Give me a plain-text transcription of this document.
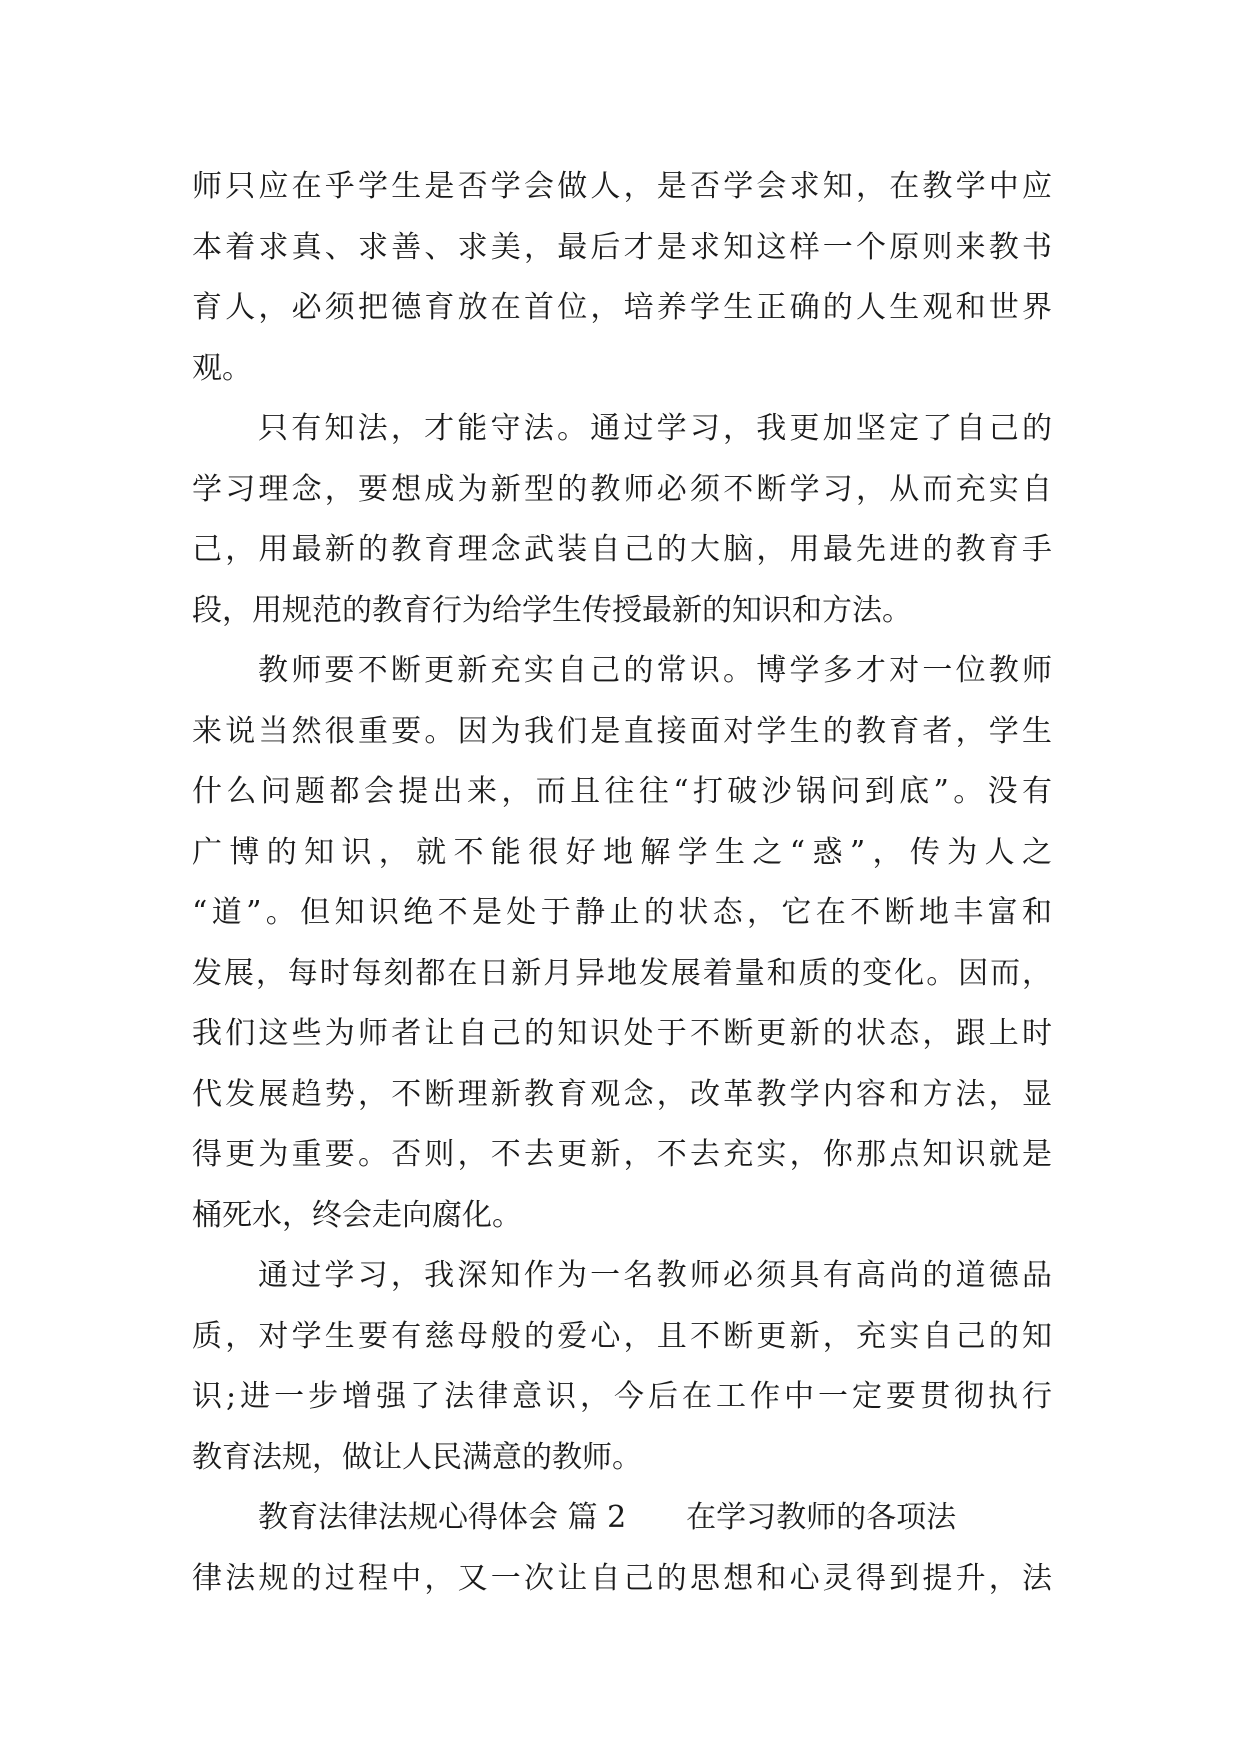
师只应在乎学生是否学会做人，是否学会求知，在教学中应
本着求真、求善、求美，最后才是求知这样一个原则来教书
育人，必须把德育放在首位，培养学生正确的人生观和世界
观。
只有知法，才能守法。通过学习，我更加坚定了自己的
学习理念，要想成为新型的教师必须不断学习，从而充实自
己，用最新的教育理念武装自己的大脑，用最先进的教育手
段，用规范的教育行为给学生传授最新的知识和方法。
教师要不断更新充实自己的常识。博学多才对一位教师
来说当然很重要。因为我们是直接面对学生的教育者，学生
什么问题都会提出来，而且往往“打破沙锅问到底”。没有
广博的知识，就不能很好地解学生之“惑”，传为人之
“道”。但知识绝不是处于静止的状态，它在不断地丰富和
发展，每时每刻都在日新月异地发展着量和质的变化。因而，
我们这些为师者让自己的知识处于不断更新的状态，跟上时
代发展趋势，不断理新教育观念，改革教学内容和方法，显
得更为重要。否则，不去更新，不去充实，你那点知识就是
桶死水，终会走向腐化。
通过学习，我深知作为一名教师必须具有高尚的道德品
质，对学生要有慈母般的爱心，且不断更新，充实自己的知
识;进一步增强了法律意识，今后在工作中一定要贯彻执行
教育法规，做让人民满意的教师。
教育法律法规心得体会 篇 2 在学习教师的各项法
律法规的过程中，又一次让自己的思想和心灵得到提升，法
